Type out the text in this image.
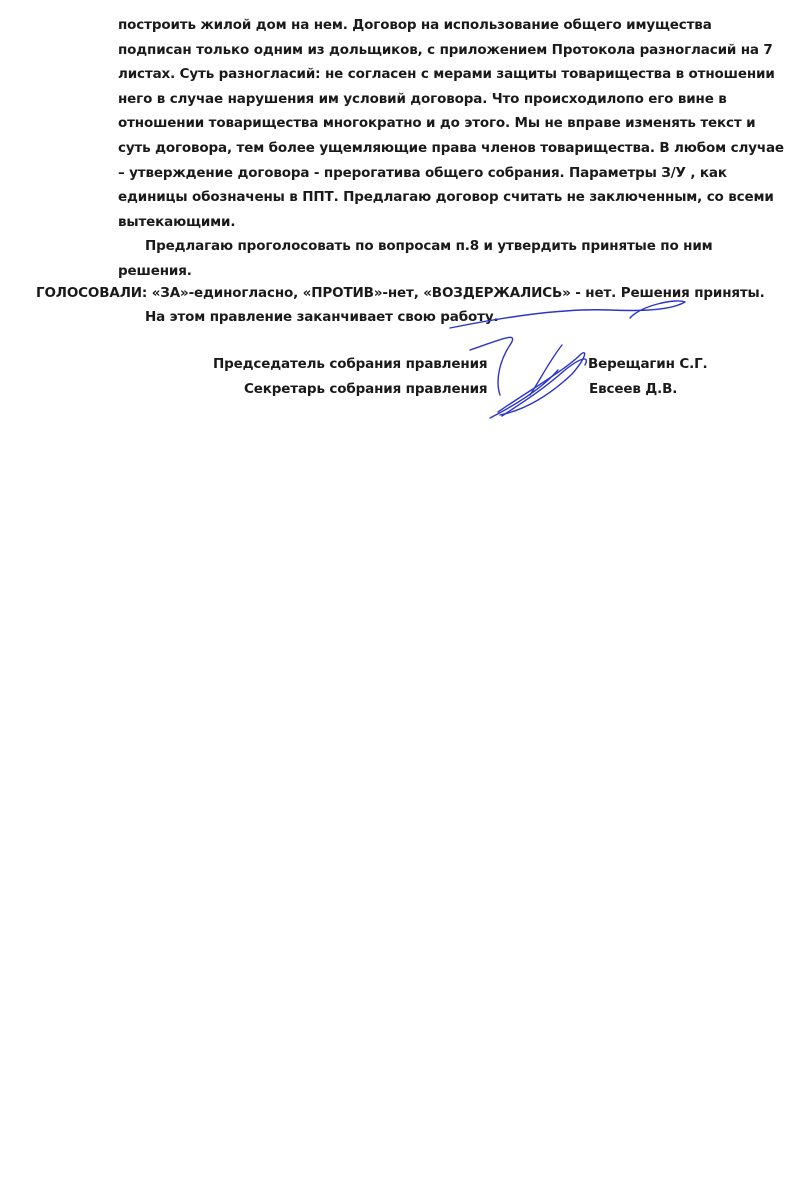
построить жилой дом на нем. Договор на использование общего имущества
подписан только одним из дольщиков, с приложением Протокола разногласий на 7
листах. Суть разногласий: не согласен с мерами защиты товарищества в отношении
него в случае нарушения им условий договора. Что происходилопо его вине в
отношении товарищества многократно и до этого. Мы не вправе изменять текст и
суть договора, тем более ущемляющие права членов товарищества. В любом случае
– утверждение договора - прерогатива общего собрания. Параметры З/У , как
единицы обозначены в ППТ. Предлагаю договор считать не заключенным, со всеми
вытекающими.
Предлагаю проголосовать по вопросам п.8 и утвердить принятые по ним
решения.
ГОЛОСОВАЛИ: «ЗА»-единогласно, «ПРОТИВ»-нет, «ВОЗДЕРЖАЛИСЬ» - нет. Решения приняты.
На этом правление заканчивает свою работу.
Председатель собрания правления	Верещагин С.Г.
Секретарь собрания правления	Евсеев Д.В.
